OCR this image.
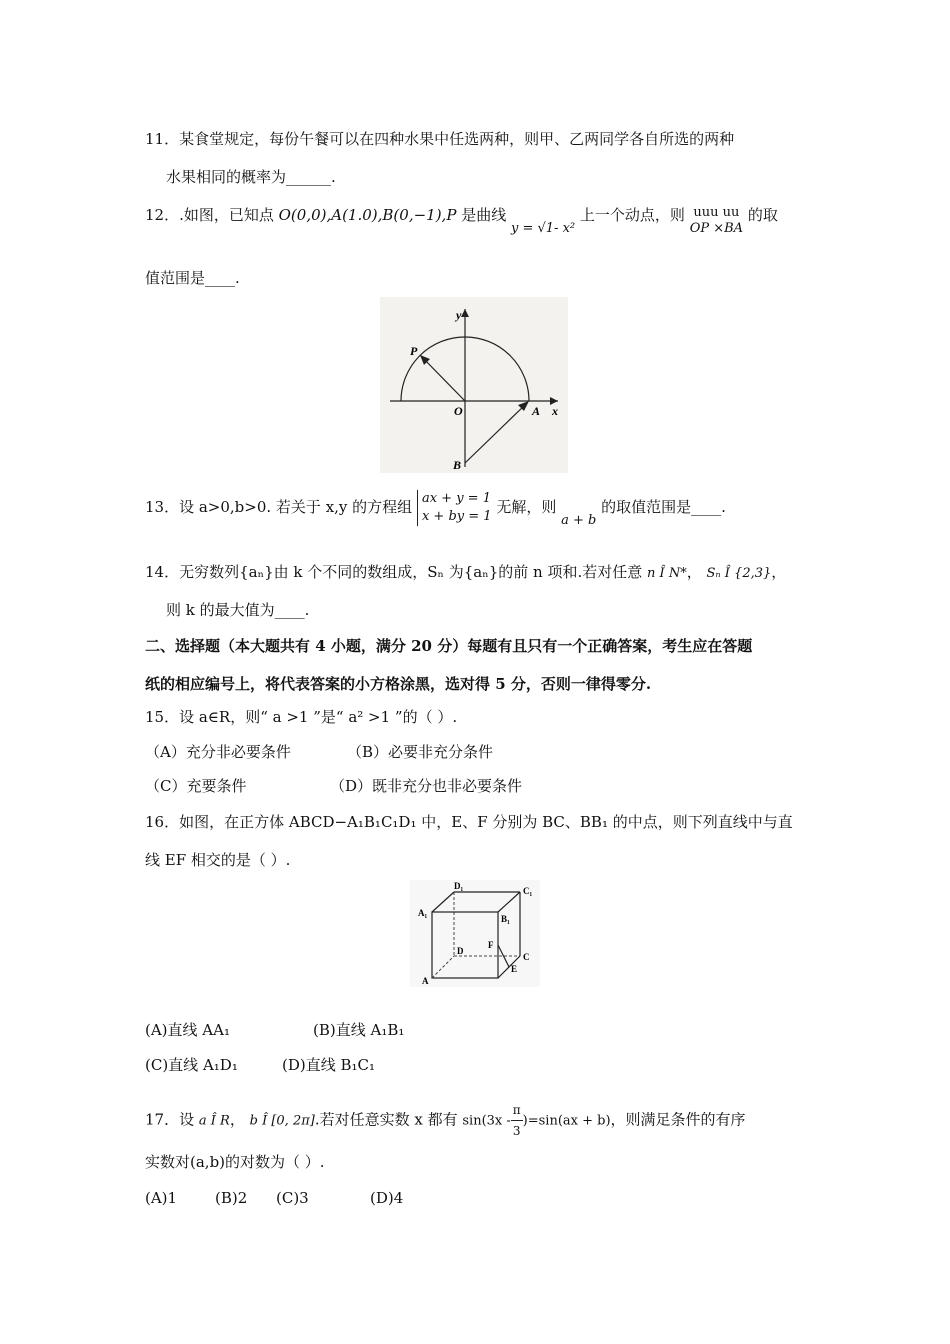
11．某食堂规定，每份午餐可以在四种水果中任选两种，则甲、乙两同学各自所选的两种
水果相同的概率为______.
12．.如图，已知点 O(0,0),A(1.0),B(0,−1),P 是曲线 y = √1- x² 上一个动点，则 uuu uu
OP ×BA
的取
值范围是____.
y
x
P
O	A
B
13．设 a>0,b>0. 若关于 x,y 的方程组 ax + y = 1
x + by = 1
无解，则 a + b 的取值范围是____.
14．无穷数列{aₙ}由 k 个不同的数组成，Sₙ 为{aₙ}的前 n 项和.若对任意 n Î N*， Sₙ Î {2,3}，
则 k 的最大值为____.
二、选择题（本大题共有 4 小题，满分 20 分）每题有且只有一个正确答案，考生应在答题
纸的相应编号上，将代表答案的小方格涂黑，选对得 5 分，否则一律得零分.
15．设 a∈R，则“ a >1 ”是“ a² >1 ”的（ ）.
（A）充分非必要条件	（B）必要非充分条件
（C）充要条件	（D）既非充分也非必要条件
16．如图，在正方体 ABCD−A₁B₁C₁D₁ 中，E、F 分别为 BC、BB₁ 的中点，则下列直线中与直
线 EF 相交的是（ ）.
D₁	C₁
A₁
B₁
D
F
C
A
E
(A)直线 AA₁	(B)直线 A₁B₁
(C)直线 A₁D₁	(D)直线 B₁C₁
17．设 a Î R， b Î [0, 2π].若对任意实数 x 都有 $\sin(3x - \frac{\pi}{3} )=\sin(ax + b)$，则满足条件的有序
实数对(a,b)的对数为（ ）.
(A)1	(B)2 (C)3	(D)4
